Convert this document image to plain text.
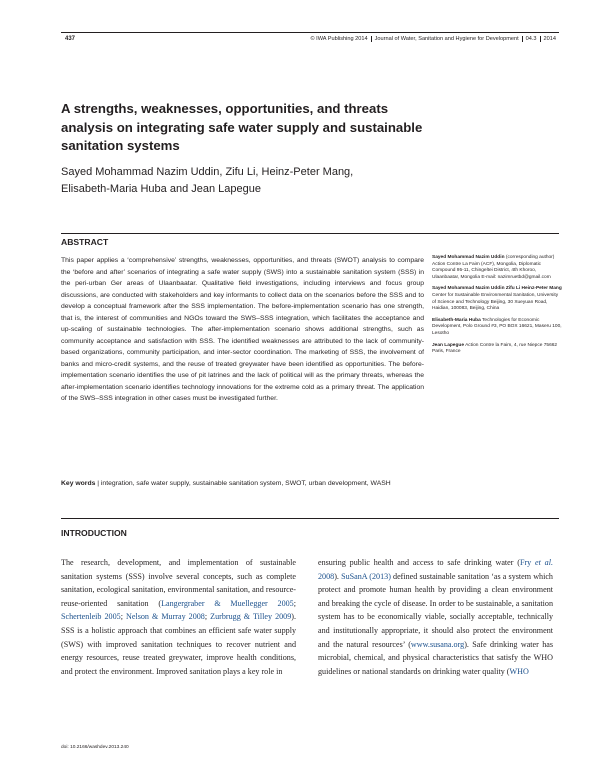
437	© IWA Publishing 2014 Journal of Water, Sanitation and Hygiene for Development 04.3 2014
A strengths, weaknesses, opportunities, and threats analysis on integrating safe water supply and sustainable sanitation systems
Sayed Mohammad Nazim Uddin, Zifu Li, Heinz-Peter Mang, Elisabeth-Maria Huba and Jean Lapegue
ABSTRACT
This paper applies a ‘comprehensive’ strengths, weaknesses, opportunities, and threats (SWOT) analysis to compare the ‘before and after’ scenarios of integrating a safe water supply (SWS) into a sustainable sanitation system (SSS) in the peri-urban Ger areas of Ulaanbaatar. Qualitative field investigations, including interviews and focus group discussions, are conducted with stakeholders and key informants to collect data on the scenarios before the SSS and to develop a conceptual framework after the SSS implementation. The before-implementation scenario has one strength, that is, the interest of communities and NGOs toward the SWS–SSS integration, which facilitates the acceptance and up-scaling of sustainable technologies. The after-implementation scenario shows additional strengths, such as community acceptance and satisfaction with SSS. The identified weaknesses are attributed to the lack of community-based organizations, community participation, and inter-sector coordination. The marketing of SSS, the involvement of banks and micro-credit systems, and the reuse of treated greywater have been identified as opportunities. The before-implementation scenario identifies the use of pit latrines and the lack of political will as the primary threats, whereas the after-implementation scenario identifies technology innovations for the extreme cold as a primary threat. The application of the SWS–SSS integration in other cases must be investigated further.
Key words | integration, safe water supply, sustainable sanitation system, SWOT, urban development, WASH

Sayed Mohammad Nazim Uddin (corresponding author) Action Contre La Faim (ACF), Mongolia, Diplomatic Compound 95-11, Chingeltei District, 4th Khoroo, Ulaanbaatar, Mongolia E-mail: nazimruetbd@gmail.com

Sayed Mohammad Nazim Uddin Zifu Li Heinz-Peter Mang Center for Sustainable Environmental Sanitation, University of Science and Technology Beijing, 30 Xueyuan Road, Haidian, 100083, Beijing, China

Elisabeth-Maria Huba Technologies for Economic Development, Polo Ground #3, PO BOX 16621, Maseru 100, Lesotho

Jean Lapegue Action Contre la Faim, 4, rue Niepce 75662 Paris, France

INTRODUCTION
The research, development, and implementation of sustainable sanitation systems (SSS) involve several concepts, such as complete sanitation, ecological sanitation, environmental sanitation, and resource-reuse-oriented sanitation (Langergraber & Muellegger 2005; Schertenleib 2005; Nelson & Murray 2008; Zurbrugg & Tilley 2009). SSS is a holistic approach that combines an efficient safe water supply (SWS) with improved sanitation techniques to recover nutrient and energy resources, reuse treated greywater, improve health conditions, and protect the environment. Improved sanitation plays a key role in
ensuring public health and access to safe drinking water (Fry et al. 2008). SuSanA (2013) defined sustainable sanitation ‘as a system which protect and promote human health by providing a clean environment and breaking the cycle of disease. In order to be sustainable, a sanitation system has to be economically viable, socially acceptable, technically and institutionally appropriate, it should also protect the environment and the natural resources’ (www.susana.org). Safe drinking water has microbial, chemical, and physical characteristics that satisfy the WHO guidelines or national standards on drinking water quality (WHO
doi: 10.2166/washdev.2013.240
